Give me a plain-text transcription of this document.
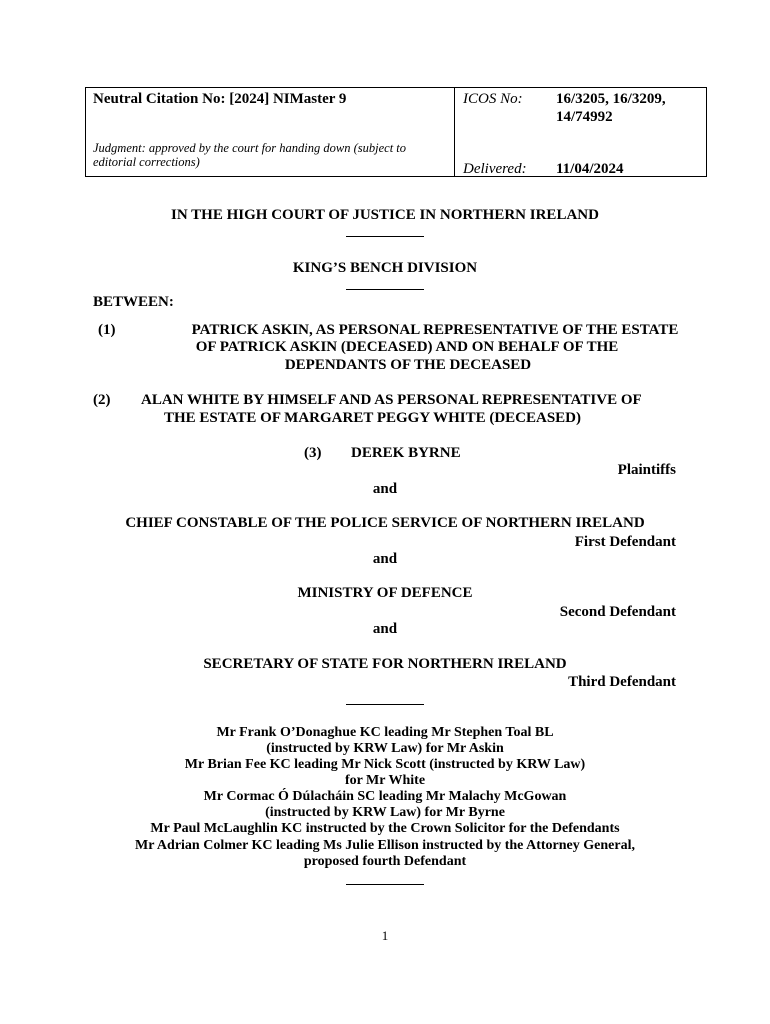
Neutral Citation No: [2024] NIMaster 9
Judgment: approved by the court for handing down (subject to
editorial corrections)
ICOS No: 16/3205, 16/3209,
14/74992
Delivered: 11/04/2024
IN THE HIGH COURT OF JUSTICE IN NORTHERN IRELAND
KING’S BENCH DIVISION
BETWEEN:
(1)	PATRICK ASKIN, AS PERSONAL REPRESENTATIVE OF THE ESTATE
OF PATRICK ASKIN (DECEASED) AND ON BEHALF OF THE
DEPENDANTS OF THE DECEASED
(2) ALAN WHITE BY HIMSELF AND AS PERSONAL REPRESENTATIVE OF
THE ESTATE OF MARGARET PEGGY WHITE (DECEASED)
(3) DEREK BYRNE
Plaintiffs
and
CHIEF CONSTABLE OF THE POLICE SERVICE OF NORTHERN IRELAND
First Defendant
and
MINISTRY OF DEFENCE
Second Defendant
and
SECRETARY OF STATE FOR NORTHERN IRELAND
Third Defendant
Mr Frank O’Donaghue KC leading Mr Stephen Toal BL
(instructed by KRW Law) for Mr Askin
Mr Brian Fee KC leading Mr Nick Scott (instructed by KRW Law)
for Mr White
Mr Cormac Ó Dúlacháin SC leading Mr Malachy McGowan
(instructed by KRW Law) for Mr Byrne
Mr Paul McLaughlin KC instructed by the Crown Solicitor for the Defendants
Mr Adrian Colmer KC leading Ms Julie Ellison instructed by the Attorney General,
proposed fourth Defendant
1
